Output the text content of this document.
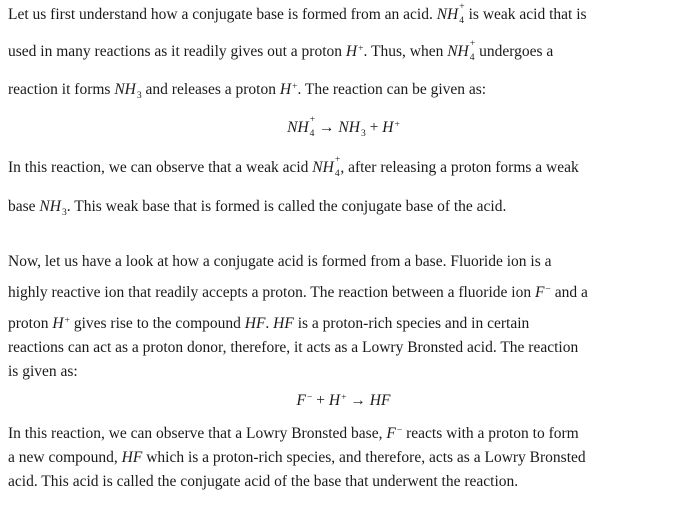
Let us first understand how a conjugate base is formed from an acid. NH +
4 is weak acid that is
used in many reactions as it readily gives out a proton H+. Thus, when NH +
4 undergoes a
reaction it forms $NH_3$ and releases a proton H+. The reaction can be given as:
NH +
$4 \to NH_3 + H^+$
In this reaction, we can observe that a weak acid NH +
4 , after releasing a proton forms a weak
base $NH_3$. This weak base that is formed is called the conjugate base of the acid.
Now, let us have a look at how a conjugate acid is formed from a base. Fluoride ion is a
highly reactive ion that readily accepts a proton. The reaction between a fluoride ion F− and a
proton H+ gives rise to the compound HF. HF is a proton-rich species and in certain
reactions can act as a proton donor, therefore, it acts as a Lowry Bronsted acid. The reaction
is given as:
F− + H+ → HF
In this reaction, we can observe that a Lowry Bronsted base, F− reacts with a proton to form
a new compound, HF which is a proton-rich species, and therefore, acts as a Lowry Bronsted
acid. This acid is called the conjugate acid of the base that underwent the reaction.
